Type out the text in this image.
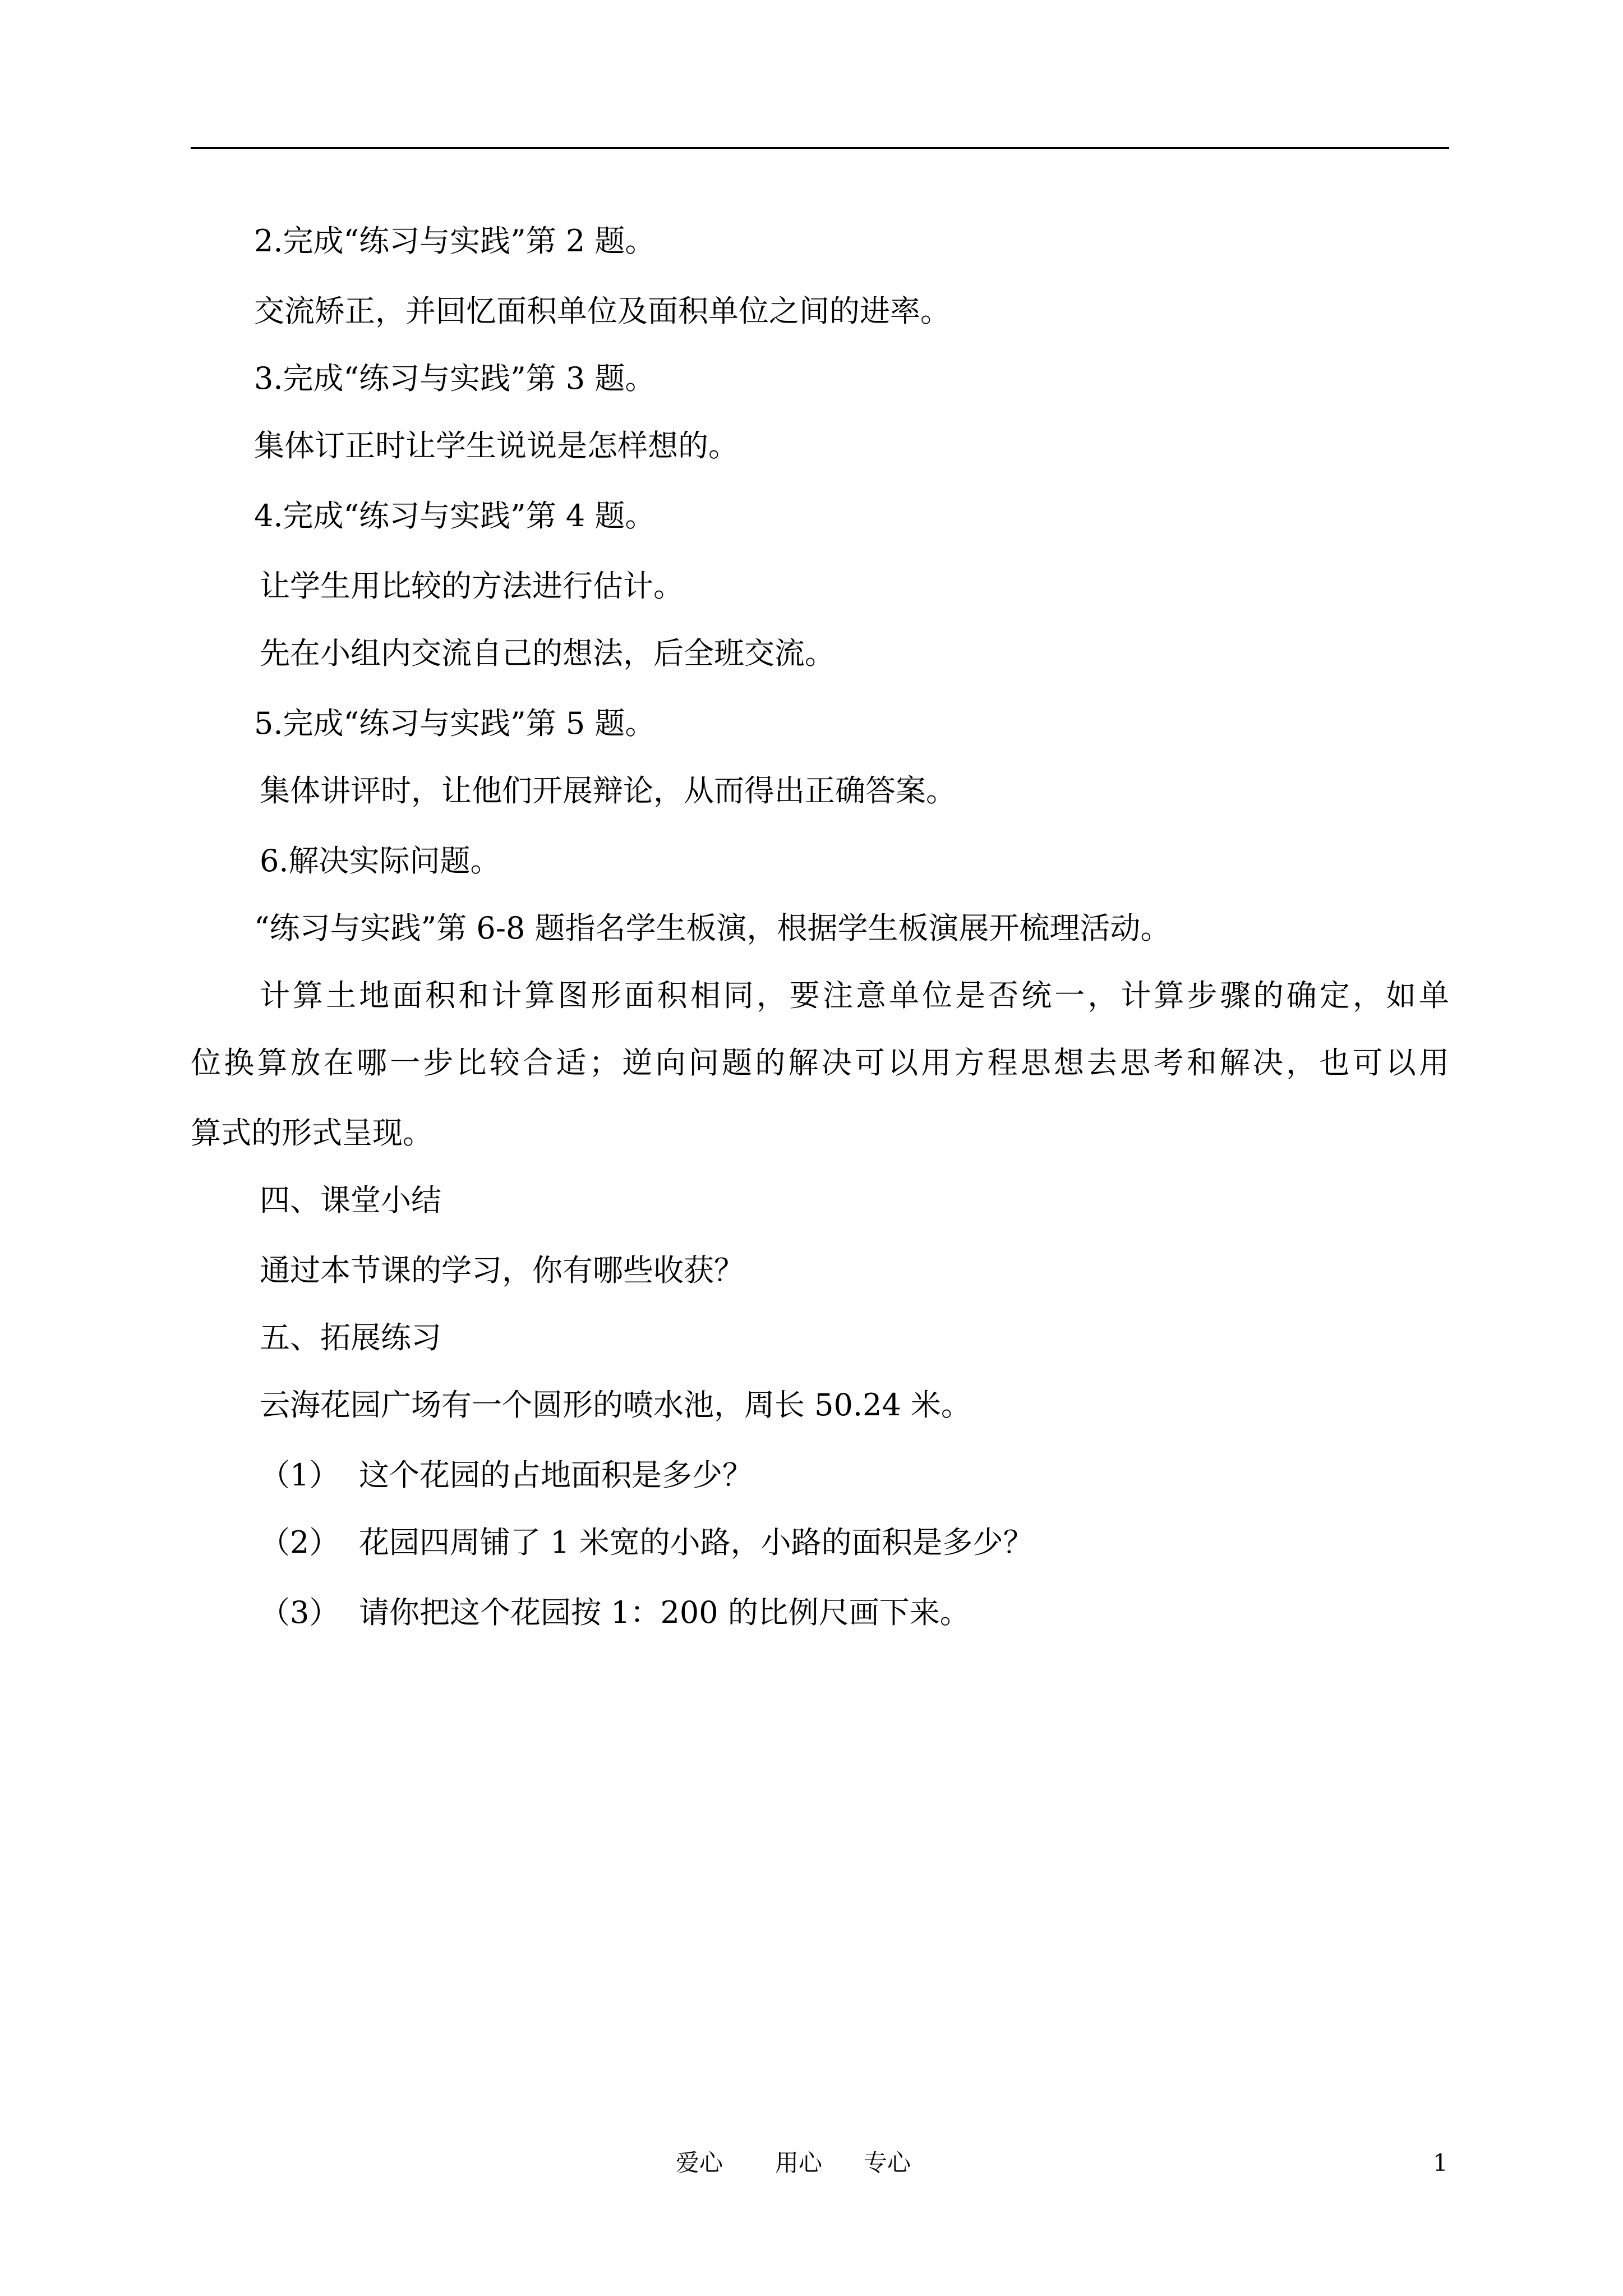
2.完成“练习与实践”第 2 题。
交流矫正，并回忆面积单位及面积单位之间的进率。
3.完成“练习与实践”第 3 题。
集体订正时让学生说说是怎样想的。
4.完成“练习与实践”第 4 题。
让学生用比较的方法进行估计。
先在小组内交流自己的想法，后全班交流。
5.完成“练习与实践”第 5 题。
集体讲评时，让他们开展辩论，从而得出正确答案。
6.解决实际问题。
“练习与实践”第 6-8 题指名学生板演，根据学生板演展开梳理活动。
计算土地面积和计算图形面积相同，要注意单位是否统一，计算步骤的确定，如单
位换算放在哪一步比较合适；逆向问题的解决可以用方程思想去思考和解决，也可以用
算式的形式呈现。
四、课堂小结
通过本节课的学习，你有哪些收获？
五、拓展练习
云海花园广场有一个圆形的喷水池，周长 50.24 米。
（1） 这个花园的占地面积是多少？
（2） 花园四周铺了 1 米宽的小路，小路的面积是多少？
（3） 请你把这个花园按 1：200 的比例尺画下来。
爱心 用心 专心	1
